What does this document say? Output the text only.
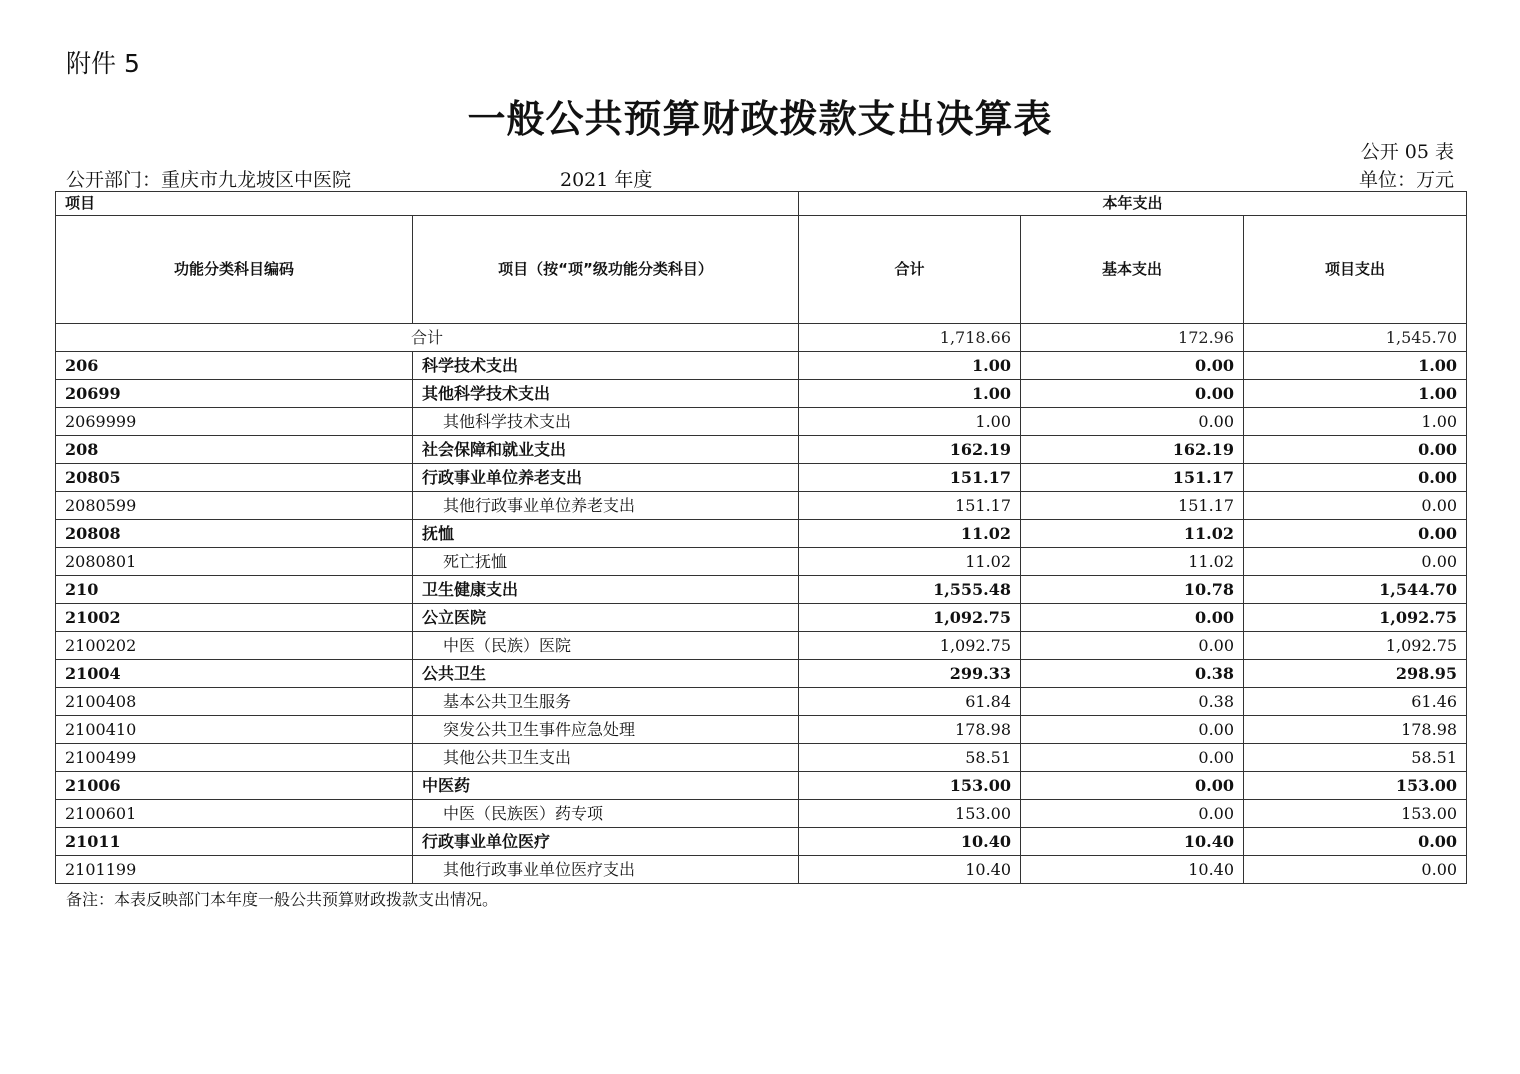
附件 5
一般公共预算财政拨款支出决算表
公开 05 表
公开部门：重庆市九龙坡区中医院	2021 年度	单位：万元
项目		本年支出		
功能分类科目编码	项目（按“项”级功能分类科目）	合计	基本支出	项目支出
合计		1,718.66	172.96	1,545.70
206	科学技术支出	1.00	0.00	1.00
20699	其他科学技术支出	1.00	0.00	1.00
2069999	其他科学技术支出	1.00	0.00	1.00
208	社会保障和就业支出	162.19	162.19	0.00
20805	行政事业单位养老支出	151.17	151.17	0.00
2080599	其他行政事业单位养老支出	151.17	151.17	0.00
20808	抚恤	11.02	11.02	0.00
2080801	死亡抚恤	11.02	11.02	0.00
210	卫生健康支出	1,555.48	10.78	1,544.70
21002	公立医院	1,092.75	0.00	1,092.75
2100202	中医（民族）医院	1,092.75	0.00	1,092.75
21004	公共卫生	299.33	0.38	298.95
2100408	基本公共卫生服务	61.84	0.38	61.46
2100410	突发公共卫生事件应急处理	178.98	0.00	178.98
2100499	其他公共卫生支出	58.51	0.00	58.51
21006	中医药	153.00	0.00	153.00
2100601	中医（民族医）药专项	153.00	0.00	153.00
21011	行政事业单位医疗	10.40	10.40	0.00
2101199	其他行政事业单位医疗支出	10.40	10.40	0.00
备注：本表反映部门本年度一般公共预算财政拨款支出情况。
